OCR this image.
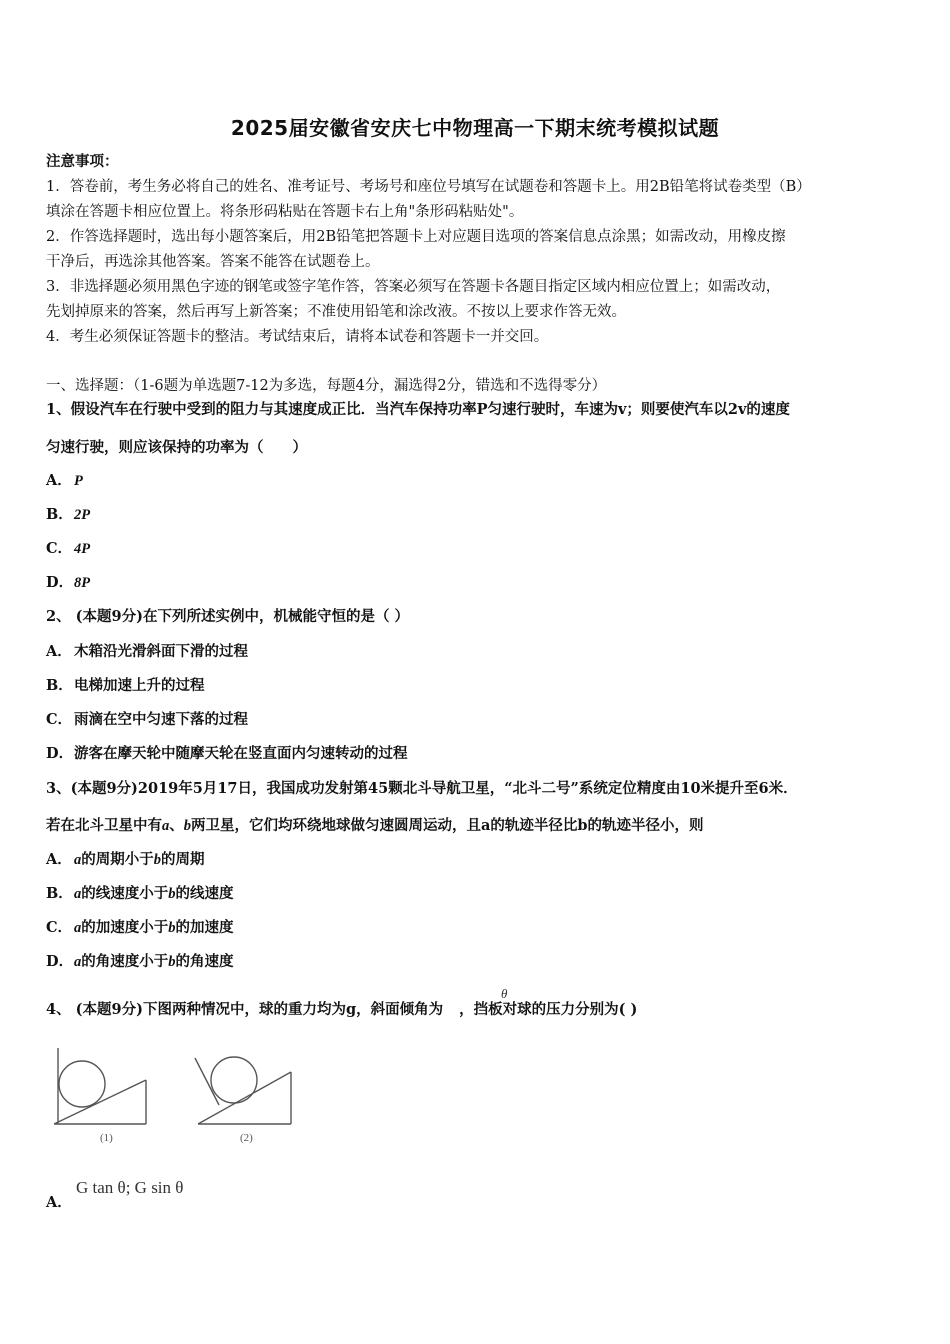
2025届安徽省安庆七中物理高一下期末统考模拟试题
注意事项：
1．答卷前，考生务必将自己的姓名、准考证号、考场号和座位号填写在试题卷和答题卡上。用2B铅笔将试卷类型（B）
填涂在答题卡相应位置上。将条形码粘贴在答题卡右上角"条形码粘贴处"。
2．作答选择题时，选出每小题答案后，用2B铅笔把答题卡上对应题目选项的答案信息点涂黑；如需改动，用橡皮擦
干净后，再选涂其他答案。答案不能答在试题卷上。
3．非选择题必须用黑色字迹的钢笔或签字笔作答，答案必须写在答题卡各题目指定区域内相应位置上；如需改动，
先划掉原来的答案，然后再写上新答案；不准使用铅笔和涂改液。不按以上要求作答无效。
4．考生必须保证答题卡的整洁。考试结束后，请将本试卷和答题卡一并交回。
一、选择题：（1-6题为单选题7-12为多选，每题4分，漏选得2分，错选和不选得零分）
1、假设汽车在行驶中受到的阻力与其速度成正比．当汽车保持功率P匀速行驶时，车速为v；则要使汽车以2v的速度
匀速行驶，则应该保持的功率为（　　）
A． P
B．2P
C． 4P
D．8P
2、 (本题9分)在下列所述实例中，机械能守恒的是（ ）
A． 木箱沿光滑斜面下滑的过程
B．电梯加速上升的过程
C． 雨滴在空中匀速下落的过程
D．游客在摩天轮中随摩天轮在竖直面内匀速转动的过程
3、(本题9分)2019年5月17日，我国成功发射第45颗北斗导航卫星，“北斗二号”系统定位精度由10米提升至6米．
若在北斗卫星中有a、b两卫星，它们均环绕地球做匀速圆周运动，且a的轨迹半径比b的轨迹半径小，则
A． a的周期小于b的周期
B．a的线速度小于b的线速度
C． a的加速度小于b的加速度
D．a的角速度小于b的角速度
4、 (本题9分)下图两种情况中，球的重力均为g，斜面倾角为 ，挡板对球的压力分别为( )
θ
(1)	(2)
G tan θ; G sin θ
A．
